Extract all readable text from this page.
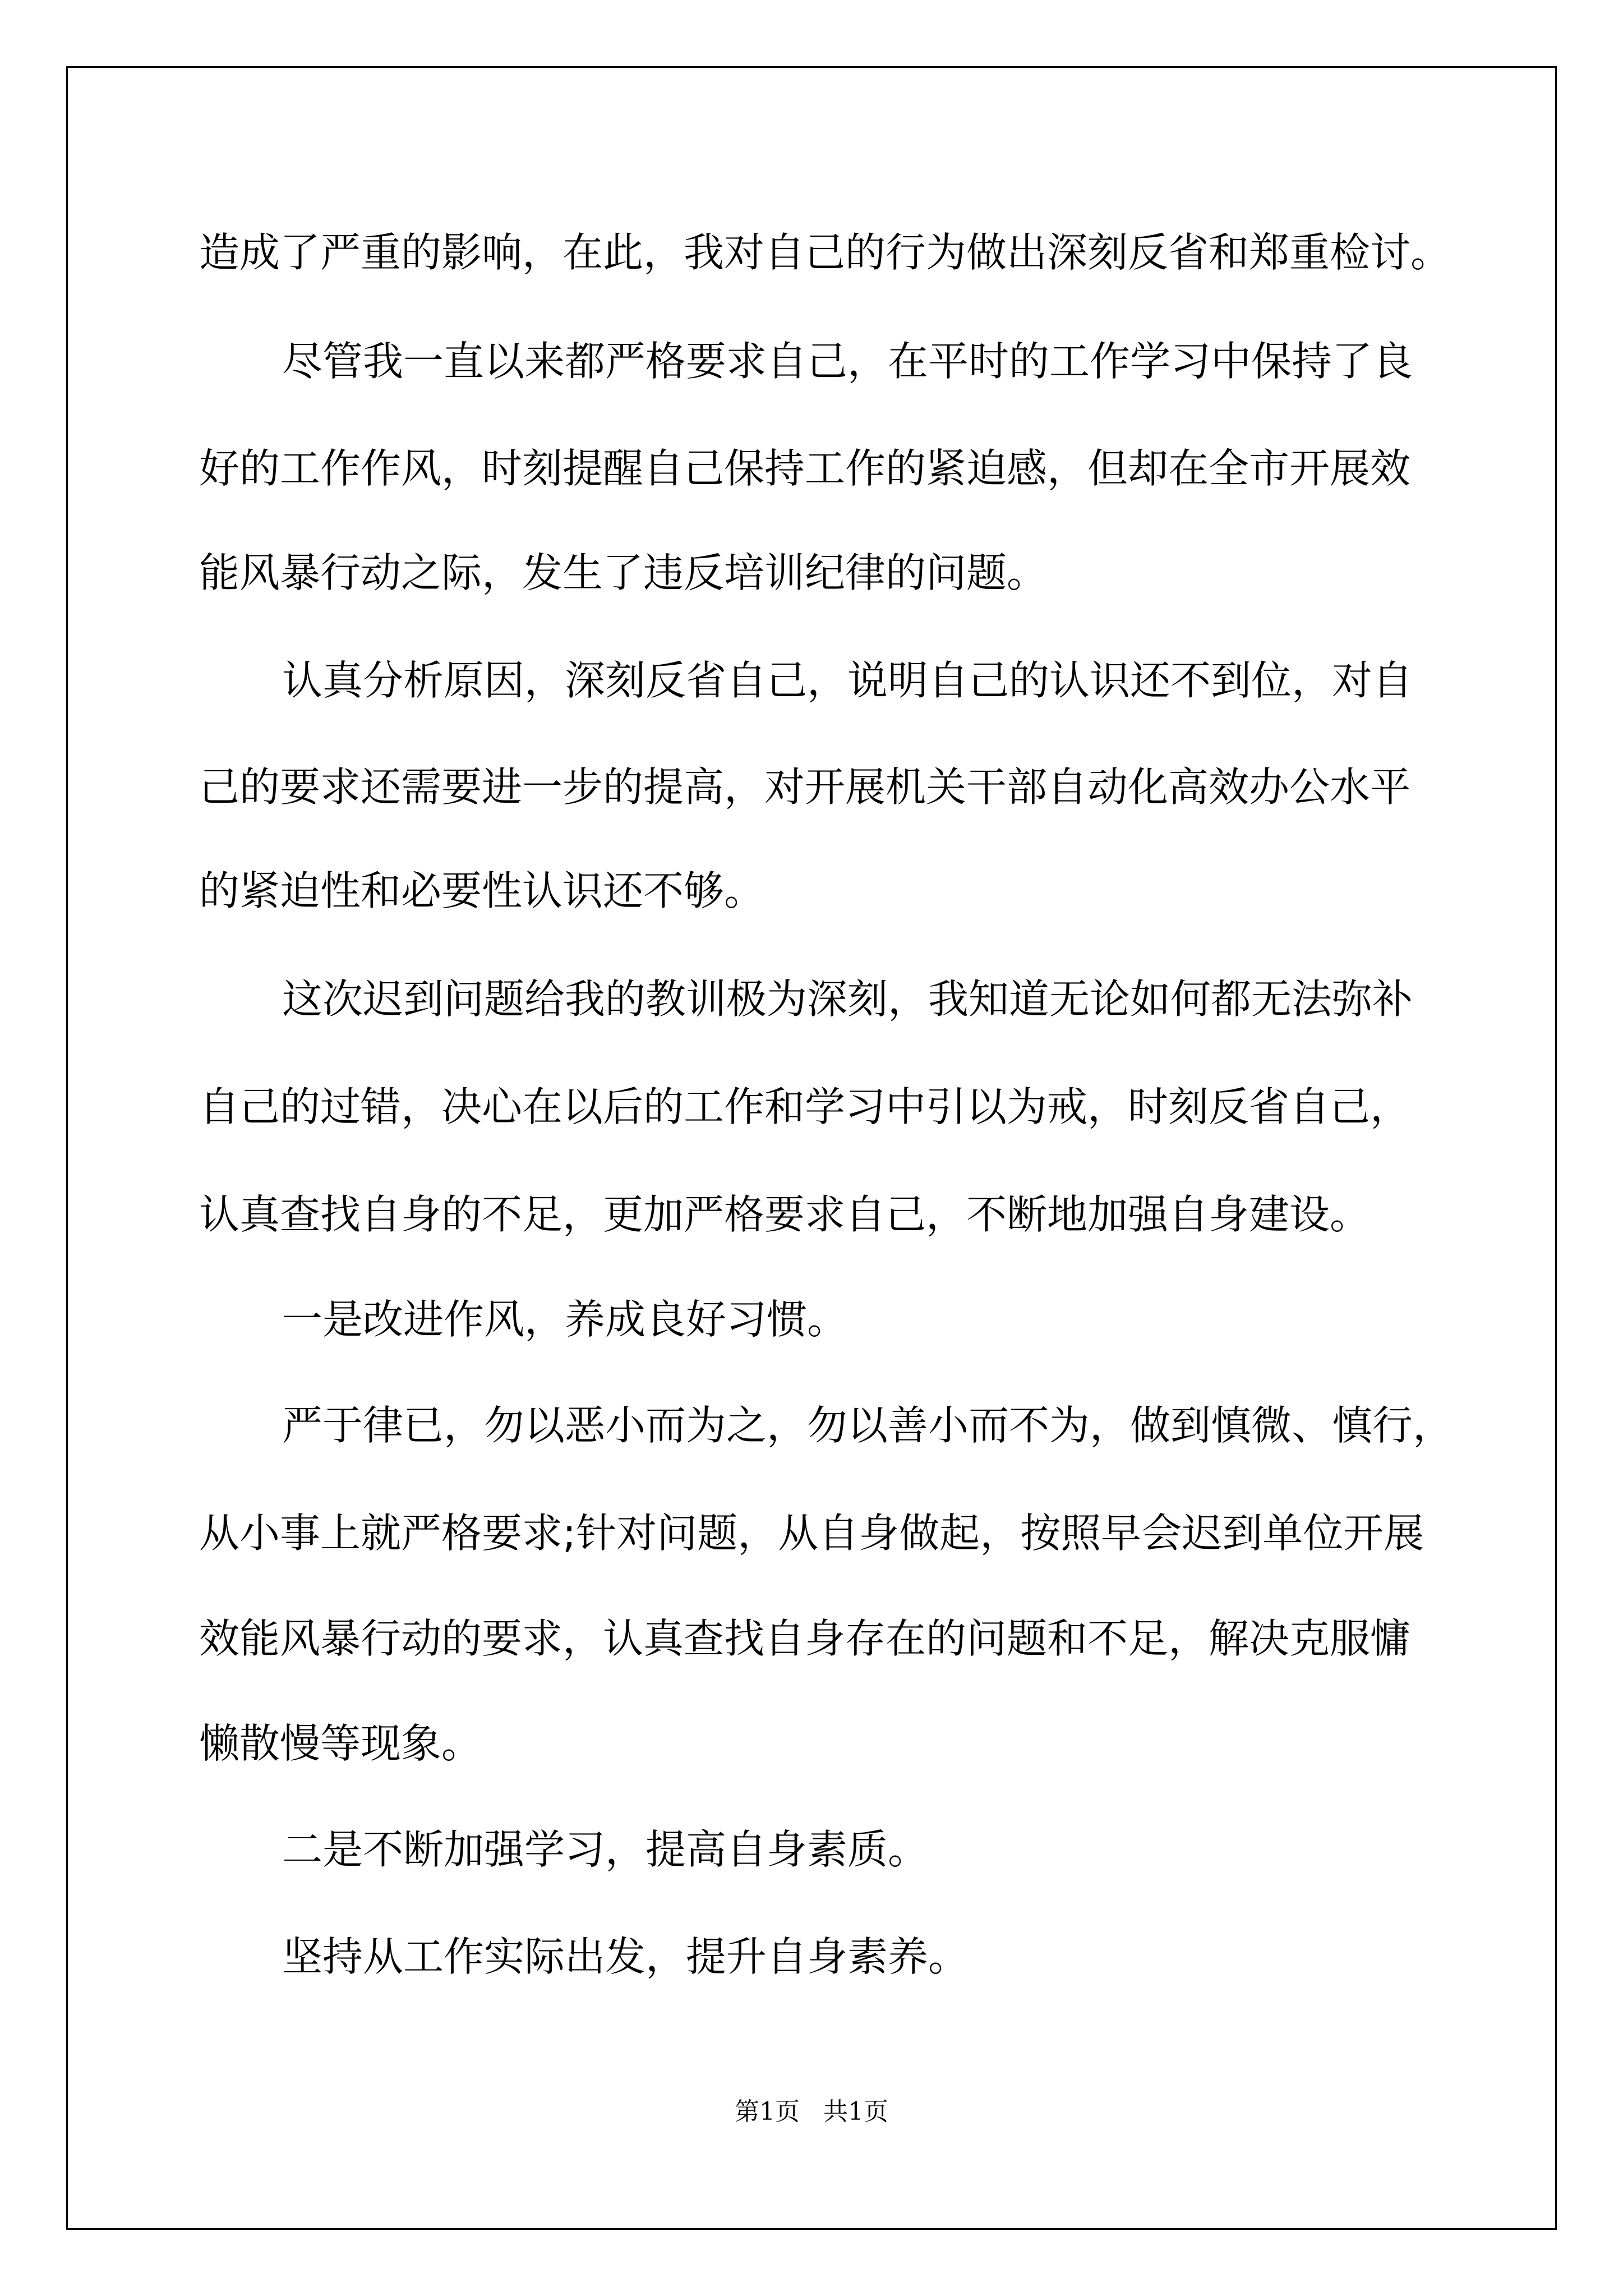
造成了严重的影响，在此，我对自己的行为做出深刻反省和郑重检讨。
尽管我一直以来都严格要求自己，在平时的工作学习中保持了良
好的工作作风，时刻提醒自己保持工作的紧迫感，但却在全市开展效
能风暴行动之际，发生了违反培训纪律的问题。
认真分析原因，深刻反省自己，说明自己的认识还不到位，对自
己的要求还需要进一步的提高，对开展机关干部自动化高效办公水平
的紧迫性和必要性认识还不够。
这次迟到问题给我的教训极为深刻，我知道无论如何都无法弥补
自己的过错，决心在以后的工作和学习中引以为戒，时刻反省自己，
认真查找自身的不足，更加严格要求自己，不断地加强自身建设。
一是改进作风，养成良好习惯。
严于律已，勿以恶小而为之，勿以善小而不为，做到慎微、慎行，
从小事上就严格要求;针对问题，从自身做起，按照早会迟到单位开展
效能风暴行动的要求，认真查找自身存在的问题和不足，解决克服慵
懒散慢等现象。
二是不断加强学习，提高自身素质。
坚持从工作实际出发，提升自身素养。
第1页   共1页
